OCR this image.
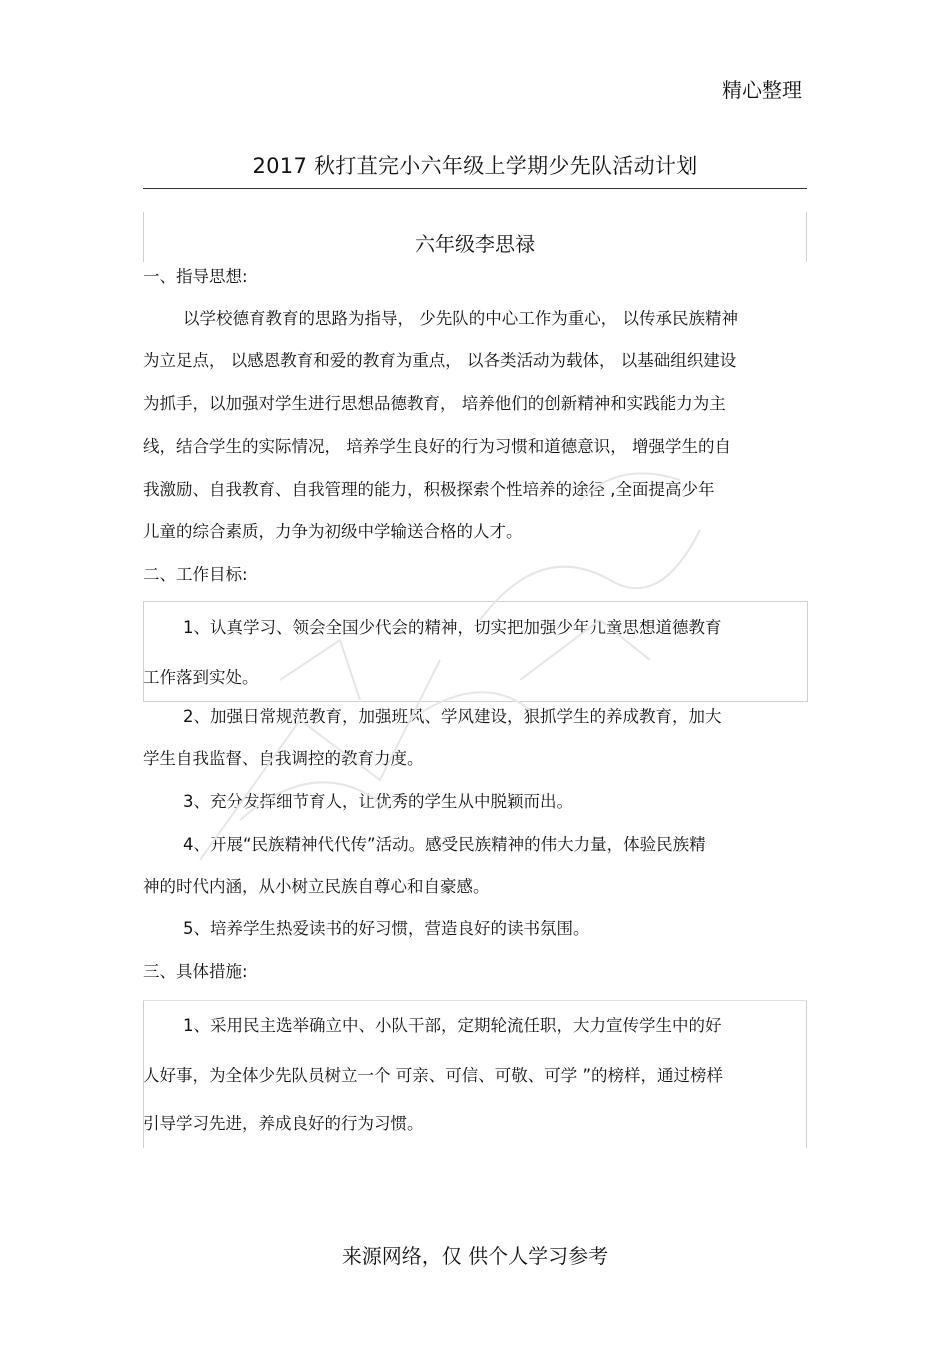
精心整理
2017 秋打苴完小六年级上学期少先队活动计划
六年级李思禄
一、指导思想:
以学校德育教育的思路为指导， 少先队的中心工作为重心， 以传承民族精神
为立足点， 以感恩教育和爱的教育为重点， 以各类活动为载体， 以基础组织建设
为抓手，以加强对学生进行思想品德教育， 培养他们的创新精神和实践能力为主
线，结合学生的实际情况， 培养学生良好的行为习惯和道德意识， 增强学生的自
我激励、自我教育、自我管理的能力，积极探索个性培养的途径 ,全面提高少年
儿童的综合素质，力争为初级中学输送合格的人才。
二、工作目标:
1、认真学习、领会全国少代会的精神，切实把加强少年儿童思想道德教育
工作落到实处。
2、加强日常规范教育，加强班风、学风建设，狠抓学生的养成教育，加大
学生自我监督、自我调控的教育力度。
3、充分发挥细节育人，让优秀的学生从中脱颖而出。
4、开展“民族精神代代传”活动。感受民族精神的伟大力量，体验民族精
神的时代内涵，从小树立民族自尊心和自豪感。
5、培养学生热爱读书的好习惯，营造良好的读书氛围。
三、具体措施:
1、采用民主选举确立中、小队干部，定期轮流任职，大力宣传学生中的好
人好事，为全体少先队员树立一个 可亲、可信、可敬、可学 ”的榜样，通过榜样
引导学习先进，养成良好的行为习惯。
来源网络，仅 供个人学习参考
